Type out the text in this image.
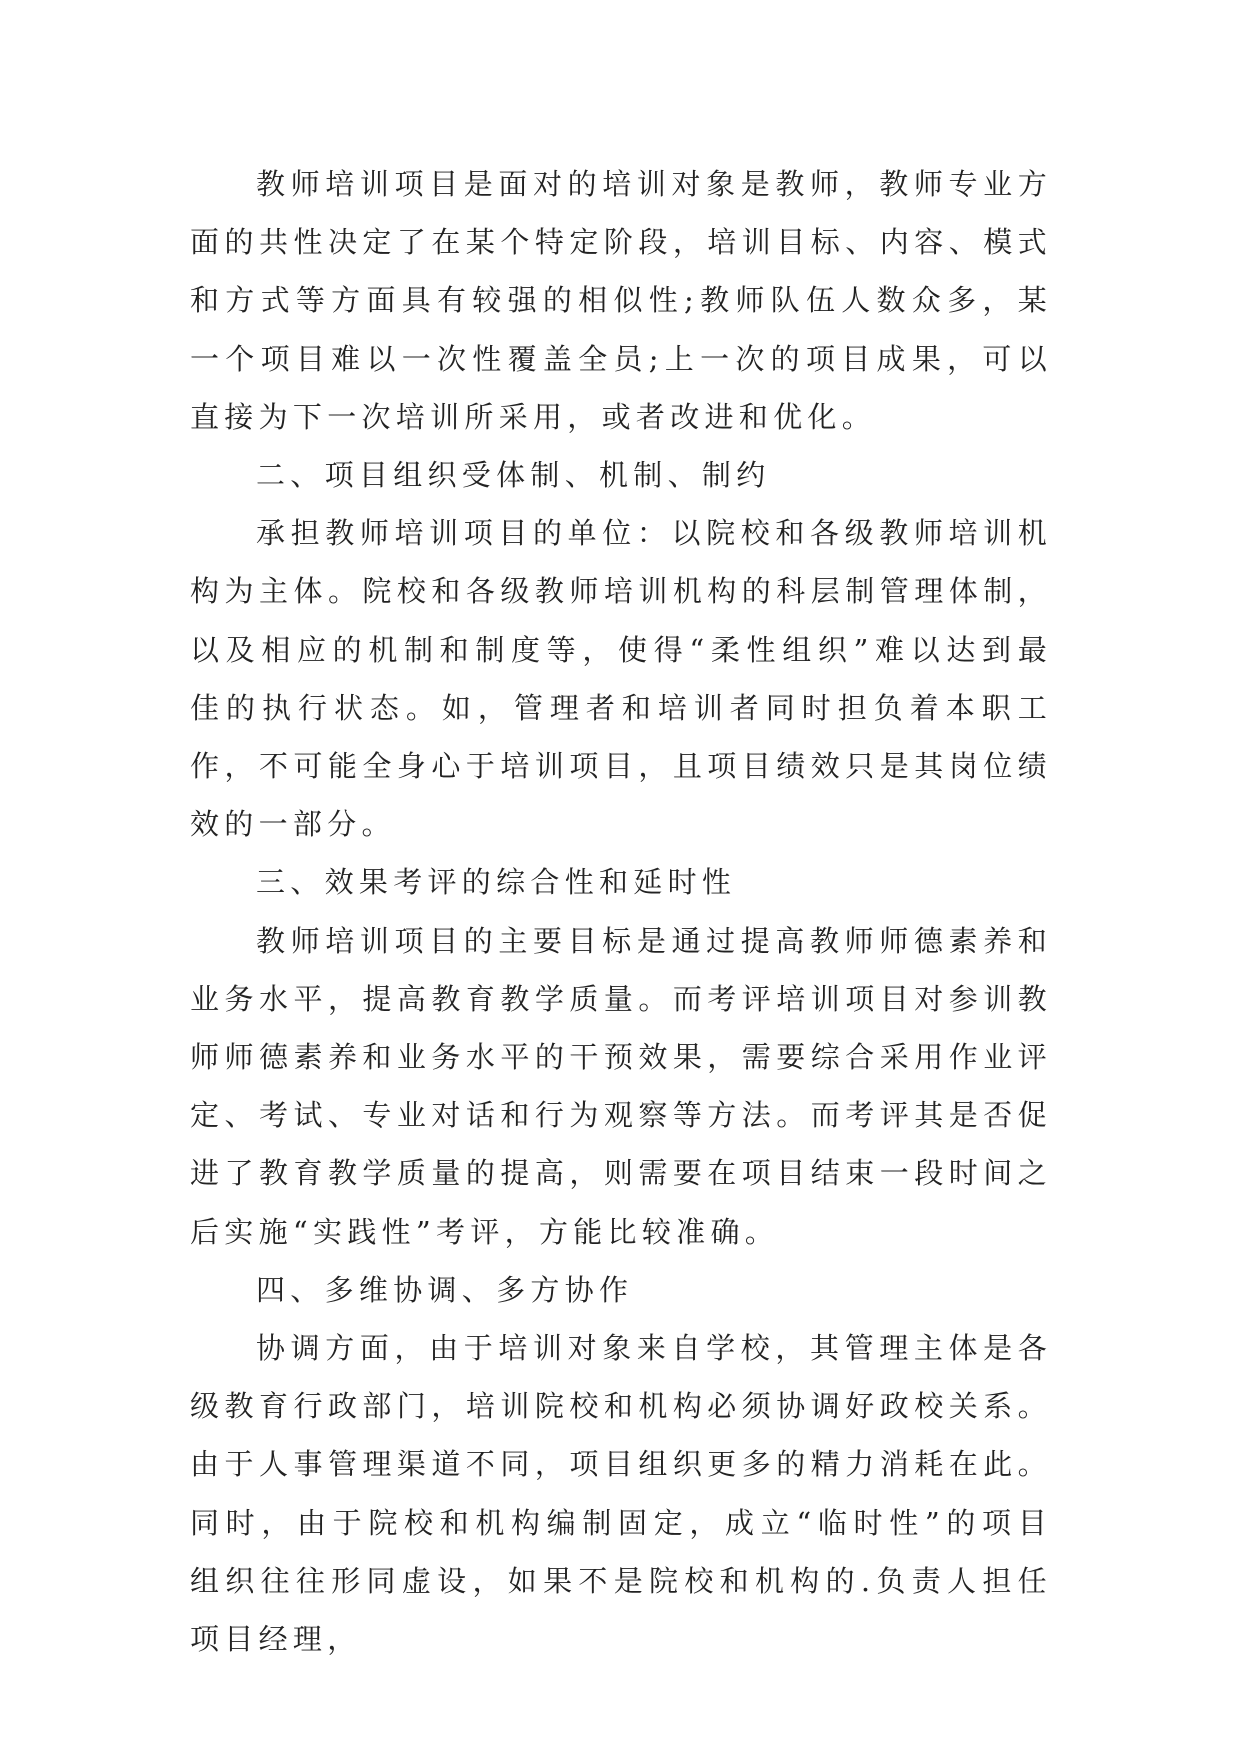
教师培训项目是面对的培训对象是教师，教师专业方面的共性决定了在某个特定阶段，培训目标、内容、模式和方式等方面具有较强的相似性;教师队伍人数众多，某一个项目难以一次性覆盖全员;上一次的项目成果，可以直接为下一次培训所采用，或者改进和优化。

二、项目组织受体制、机制、制约

承担教师培训项目的单位：以院校和各级教师培训机构为主体。院校和各级教师培训机构的科层制管理体制，以及相应的机制和制度等，使得“柔性组织”难以达到最佳的执行状态。如，管理者和培训者同时担负着本职工作，不可能全身心于培训项目，且项目绩效只是其岗位绩效的一部分。

三、效果考评的综合性和延时性

教师培训项目的主要目标是通过提高教师师德素养和业务水平，提高教育教学质量。而考评培训项目对参训教师师德素养和业务水平的干预效果，需要综合采用作业评定、考试、专业对话和行为观察等方法。而考评其是否促进了教育教学质量的提高，则需要在项目结束一段时间之后实施“实践性”考评，方能比较准确。

四、多维协调、多方协作

协调方面，由于培训对象来自学校，其管理主体是各级教育行政部门，培训院校和机构必须协调好政校关系。由于人事管理渠道不同，项目组织更多的精力消耗在此。同时，由于院校和机构编制固定，成立“临时性”的项目组织往往形同虚设，如果不是院校和机构的.负责人担任项目经理，
